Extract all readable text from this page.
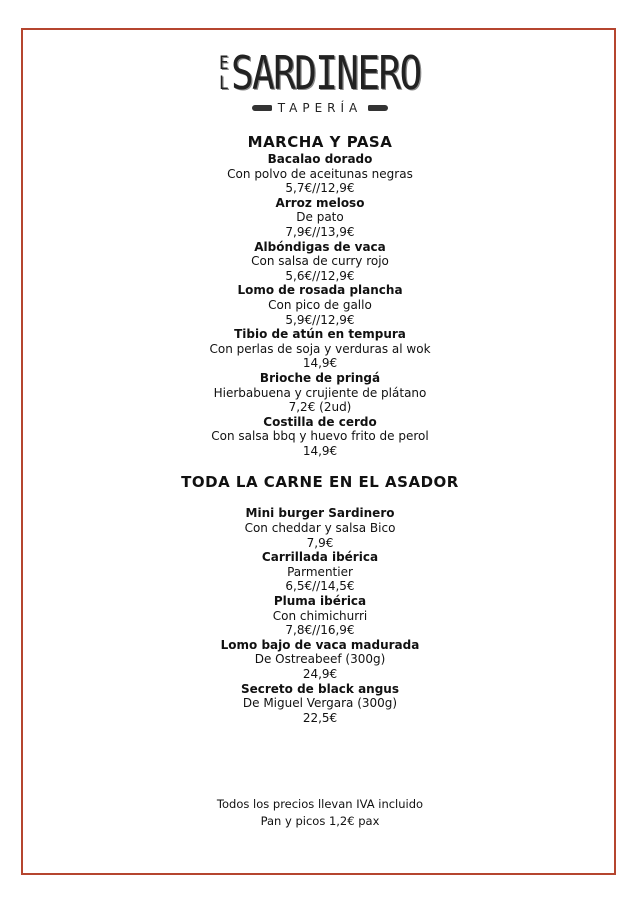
E
L SARDINERO
TAPERÍA
MARCHA Y PASA
Bacalao dorado
Con polvo de aceitunas negras
5,7€//12,9€
Arroz meloso
De pato
7,9€//13,9€
Albóndigas de vaca
Con salsa de curry rojo
5,6€//12,9€
Lomo de rosada plancha
Con pico de gallo
5,9€//12,9€
Tibio de atún en tempura
Con perlas de soja y verduras al wok
14,9€
Brioche de pringá
Hierbabuena y crujiente de plátano
7,2€ (2ud)
Costilla de cerdo
Con salsa bbq y huevo frito de perol
14,9€
TODA LA CARNE EN EL ASADOR
Mini burger Sardinero
Con cheddar y salsa Bico
7,9€
Carrillada ibérica
Parmentier
6,5€//14,5€
Pluma ibérica
Con chimichurri
7,8€//16,9€
Lomo bajo de vaca madurada
De Ostreabeef (300g)
24,9€
Secreto de black angus
De Miguel Vergara (300g)
22,5€
Todos los precios llevan IVA incluido
Pan y picos 1,2€ pax
